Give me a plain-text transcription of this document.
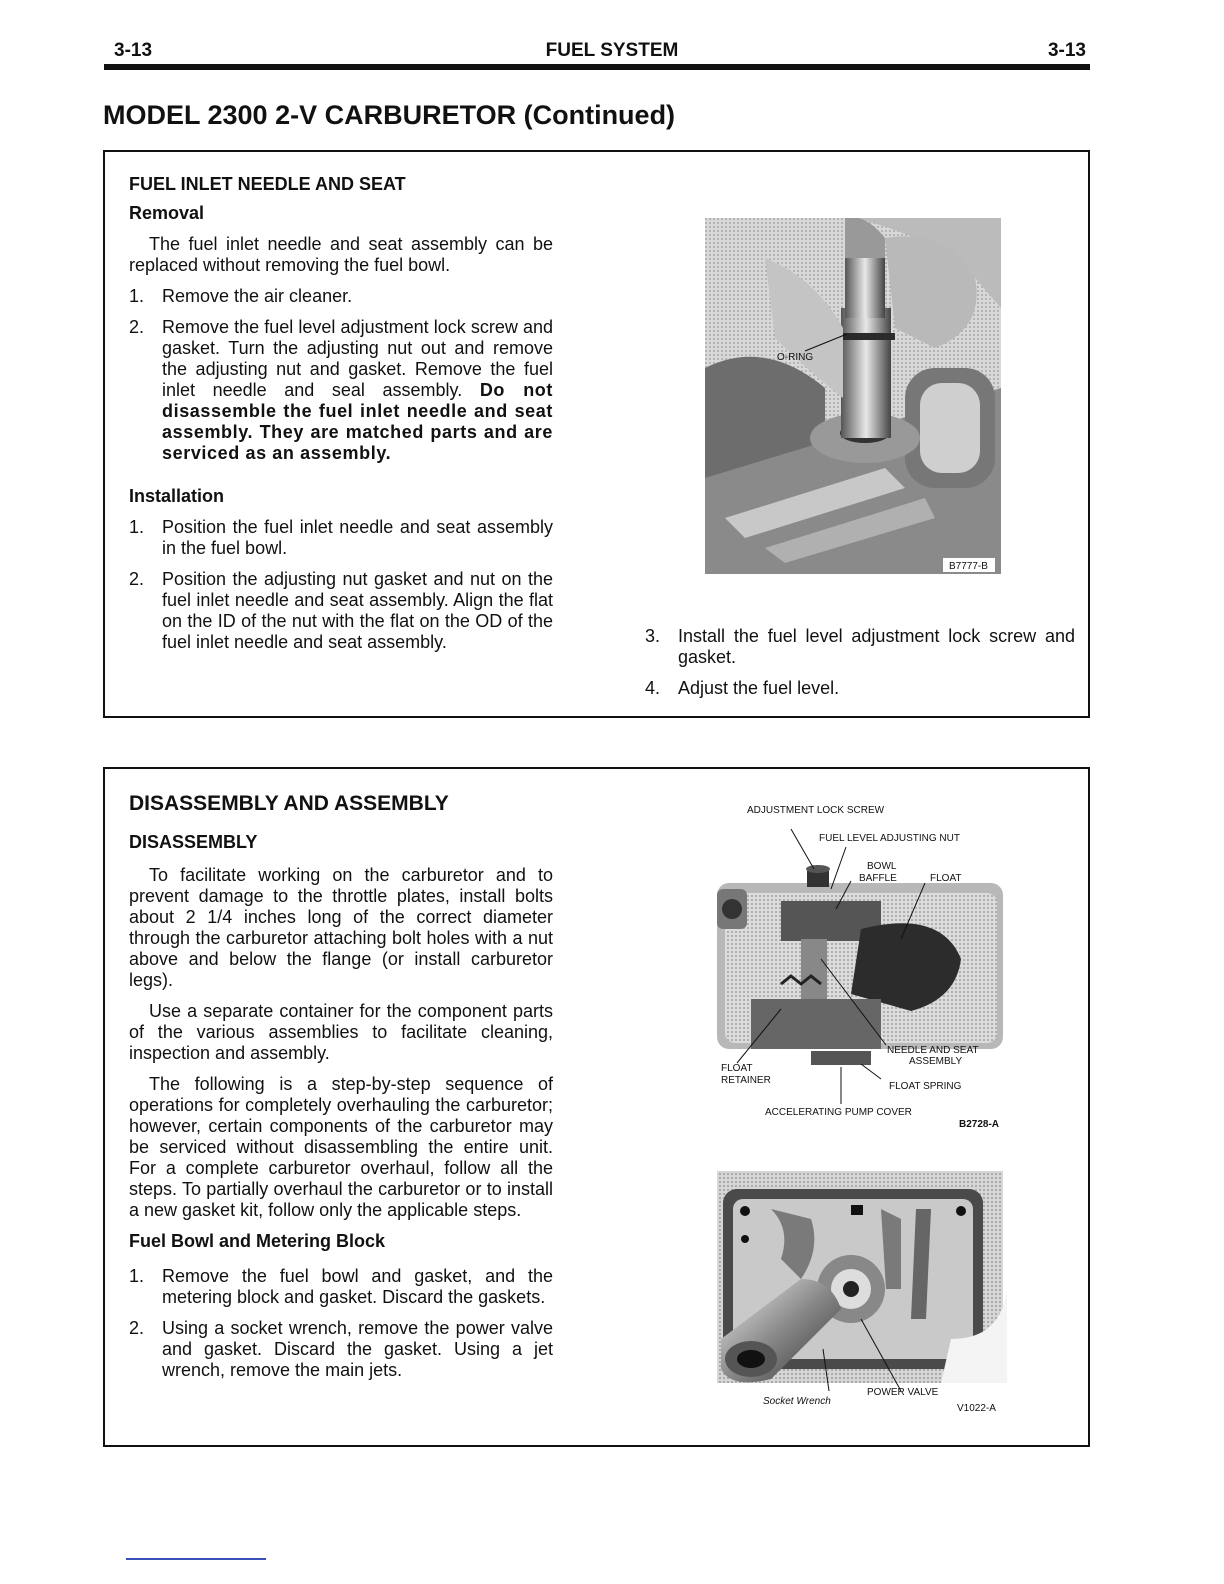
3-13	FUEL SYSTEM	3-13
MODEL 2300 2-V CARBURETOR (Continued)
FUEL INLET NEEDLE AND SEAT
Removal

The fuel inlet needle and seat assembly can be replaced without removing the fuel bowl.

1. Remove the air cleaner.
2. Remove the fuel level adjustment lock screw and gasket. Turn the adjusting nut out and remove the adjusting nut and gasket. Remove the fuel inlet needle and seal assembly. Do not disassemble the fuel inlet needle and seat assembly. They are matched parts and are serviced as an assembly.
Installation
1. Position the fuel inlet needle and seat assembly in the fuel bowl.
2. Position the adjusting nut gasket and nut on the fuel inlet needle and seat assembly. Align the flat on the ID of the nut with the flat on the OD of the fuel inlet needle and seat assembly.
O-RING
B7777-B
3. Install the fuel level adjustment lock screw and gasket.
4. Adjust the fuel level.
DISASSEMBLY AND ASSEMBLY
DISASSEMBLY

To facilitate working on the carburetor and to prevent damage to the throttle plates, install bolts about 2 1/4 inches long of the correct diameter through the carburetor attaching bolt holes with a nut above and below the flange (or install carburetor legs).

Use a separate container for the component parts of the various assemblies to facilitate cleaning, inspection and assembly.

The following is a step-by-step sequence of operations for completely overhauling the carburetor; however, certain components of the carburetor may be serviced without disassembling the entire unit. For a complete carburetor overhaul, follow all the steps. To partially overhaul the carburetor or to install a new gasket kit, follow only the applicable steps.

Fuel Bowl and Metering Block
1. Remove the fuel bowl and gasket, and the metering block and gasket. Discard the gaskets.
2. Using a socket wrench, remove the power valve and gasket. Discard the gasket. Using a jet wrench, remove the main jets.
ADJUSTMENT LOCK SCREW
FUEL LEVEL ADJUSTING NUT
BOWL
BAFFLE	FLOAT
NEEDLE AND SEAT
ASSEMBLY
FLOAT
RETAINER
FLOAT SPRING
ACCELERATING PUMP COVER
B2728-A
Socket Wrench
POWER VALVE
V1022-A
